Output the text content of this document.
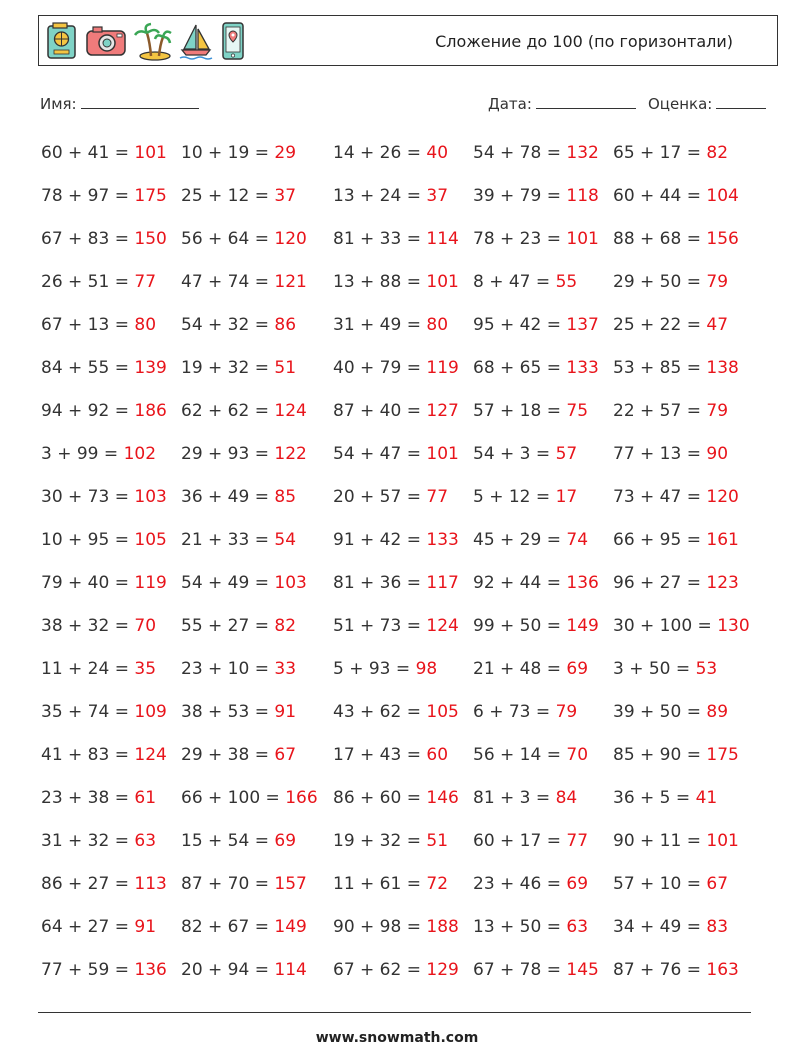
Сложение до 100 (по горизонтали)
Имя:	Дата:	Оценка:
60 + 41 = 101 10 + 19 = 29 14 + 26 = 40 54 + 78 = 132 65 + 17 = 82
78 + 97 = 175 25 + 12 = 37 13 + 24 = 37 39 + 79 = 118 60 + 44 = 104
67 + 83 = 150 56 + 64 = 120 81 + 33 = 114 78 + 23 = 101 88 + 68 = 156
26 + 51 = 77 47 + 74 = 121 13 + 88 = 101 8 + 47 = 55 29 + 50 = 79
67 + 13 = 80 54 + 32 = 86 31 + 49 = 80 95 + 42 = 137 25 + 22 = 47
84 + 55 = 139 19 + 32 = 51 40 + 79 = 119 68 + 65 = 133 53 + 85 = 138
94 + 92 = 186 62 + 62 = 124 87 + 40 = 127 57 + 18 = 75 22 + 57 = 79
3 + 99 = 102 29 + 93 = 122 54 + 47 = 101 54 + 3 = 57 77 + 13 = 90
30 + 73 = 103 36 + 49 = 85 20 + 57 = 77 5 + 12 = 17 73 + 47 = 120
10 + 95 = 105 21 + 33 = 54 91 + 42 = 133 45 + 29 = 74 66 + 95 = 161
79 + 40 = 119 54 + 49 = 103 81 + 36 = 117 92 + 44 = 136 96 + 27 = 123
38 + 32 = 70 55 + 27 = 82 51 + 73 = 124 99 + 50 = 149 30 + 100 = 130
11 + 24 = 35 23 + 10 = 33 5 + 93 = 98 21 + 48 = 69 3 + 50 = 53
35 + 74 = 109 38 + 53 = 91 43 + 62 = 105 6 + 73 = 79 39 + 50 = 89
41 + 83 = 124 29 + 38 = 67 17 + 43 = 60 56 + 14 = 70 85 + 90 = 175
23 + 38 = 61 66 + 100 = 166 86 + 60 = 146 81 + 3 = 84 36 + 5 = 41
31 + 32 = 63 15 + 54 = 69 19 + 32 = 51 60 + 17 = 77 90 + 11 = 101
86 + 27 = 113 87 + 70 = 157 11 + 61 = 72 23 + 46 = 69 57 + 10 = 67
64 + 27 = 91 82 + 67 = 149 90 + 98 = 188 13 + 50 = 63 34 + 49 = 83
77 + 59 = 136 20 + 94 = 114 67 + 62 = 129 67 + 78 = 145 87 + 76 = 163
www.snowmath.com
